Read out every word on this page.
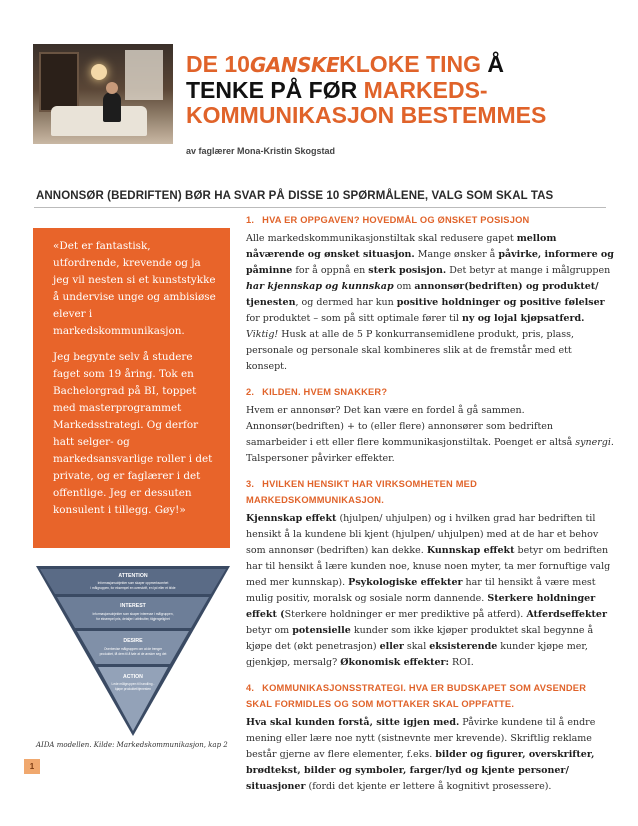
DE 10GANSKEKLOKE TING Å
TENKE PÅ FØR MARKEDS-
KOMMUNIKASJON BESTEMMES
av faglærer Mona-Kristin Skogstad
ANNONSØR (BEDRIFTEN) BØR HA SVAR PÅ DISSE 10 SPØRMÅLENE, VALG SOM SKAL TAS

«Det er fantastisk, utfordrende, krevende og ja jeg vil nesten si et kunststykke å undervise unge og ambisiøse elever i markedskommunikasjon.

Jeg begynte selv å studere faget som 19 åring. Tok en Bachelorgrad på BI, toppet med masterprogrammet Markedsstrategi. Og derfor hatt selger- og markedsansvarlige roller i det private, og er faglærer i det offentlige. Jeg er dessuten konsulent i tillegg. Gøy!»

ATTENTION
Informasjonsobjekter som skaper oppmerksomhet
i målgruppen, for eksempel en overskrift, en lyd eller et bilde
INTEREST
Informasjonsobjekter som skaper interesse i målgruppen,
for eksempel pris, detaljer i attributter, tilgjengelighet
DESIRE
Overbevise målgruppen om at de trenger
produktet, få dem til å føle at de ønsker seg det
ACTION
Lede målgruppen til handling -
kjøpe produktet/tjenesten
AIDA modellen. Kilde: Markedskommunikasjon, kap 2
1
1. HVA ER OPPGAVEN? HOVEDMÅL OG ØNSKET POSISJON

Alle markedskommunikasjonstiltak skal redusere gapet mellom nåværende og ønsket situasjon. Mange ønsker å påvirke, informere og påminne for å oppnå en sterk posisjon. Det betyr at mange i målgruppen har kjennskap og kunnskap om annonsør(bedriften) og produktet/ tjenesten, og dermed har kun positive holdninger og positive følelser for produktet – som på sitt optimale fører til ny og lojal kjøpsatferd. Viktig! Husk at alle de 5 P konkurransemidlene produkt, pris, plass, personale og personale skal kombineres slik at de fremstår med ett konsept.

2. KILDEN. HVEM SNAKKER?

Hvem er annonsør? Det kan være en fordel å gå sammen. Annonsør(bedriften) + to (eller flere) annonsører som bedriften samarbeider i ett eller flere kommunikasjonstiltak. Poenget er altså synergi. Talspersoner påvirker effekter.

3. HVILKEN HENSIKT HAR VIRKSOMHETEN MED MARKEDSKOMMUNIKASJON.

Kjennskap effekt (hjulpen/ uhjulpen) og i hvilken grad har bedriften til hensikt å la kundene bli kjent (hjulpen/ uhjulpen) med at de har et behov som annonsør (bedriften) kan dekke. Kunnskap effekt betyr om bedriften har til hensikt å lære kunden noe, knuse noen myter, ta mer fornuftige valg med mer kunnskap). Psykologiske effekter har til hensikt å være mest mulig positiv, moralsk og sosiale norm dannende. Sterkere holdninger effekt (Sterkere holdninger er mer prediktive på atferd). Atferdseffekter betyr om potensielle kunder som ikke kjøper produktet skal begynne å kjøpe det (økt penetrasjon) eller skal eksisterende kunder kjøpe mer, gjenkjøp, mersalg? Økonomisk effekter: ROI.

4. KOMMUNIKASJONSSTRATEGI. HVA ER BUDSKAPET SOM AVSENDER SKAL FORMIDLES OG SOM MOTTAKER SKAL OPPFATTE.

Hva skal kunden forstå, sitte igjen med. Påvirke kundene til å endre mening eller lære noe nytt (sistnevnte mer krevende). Skriftlig reklame består gjerne av flere elementer, f.eks. bilder og figurer, overskrifter, brødtekst, bilder og symboler, farger/lyd og kjente personer/ situasjoner (fordi det kjente er lettere å kognitivt prosessere).
